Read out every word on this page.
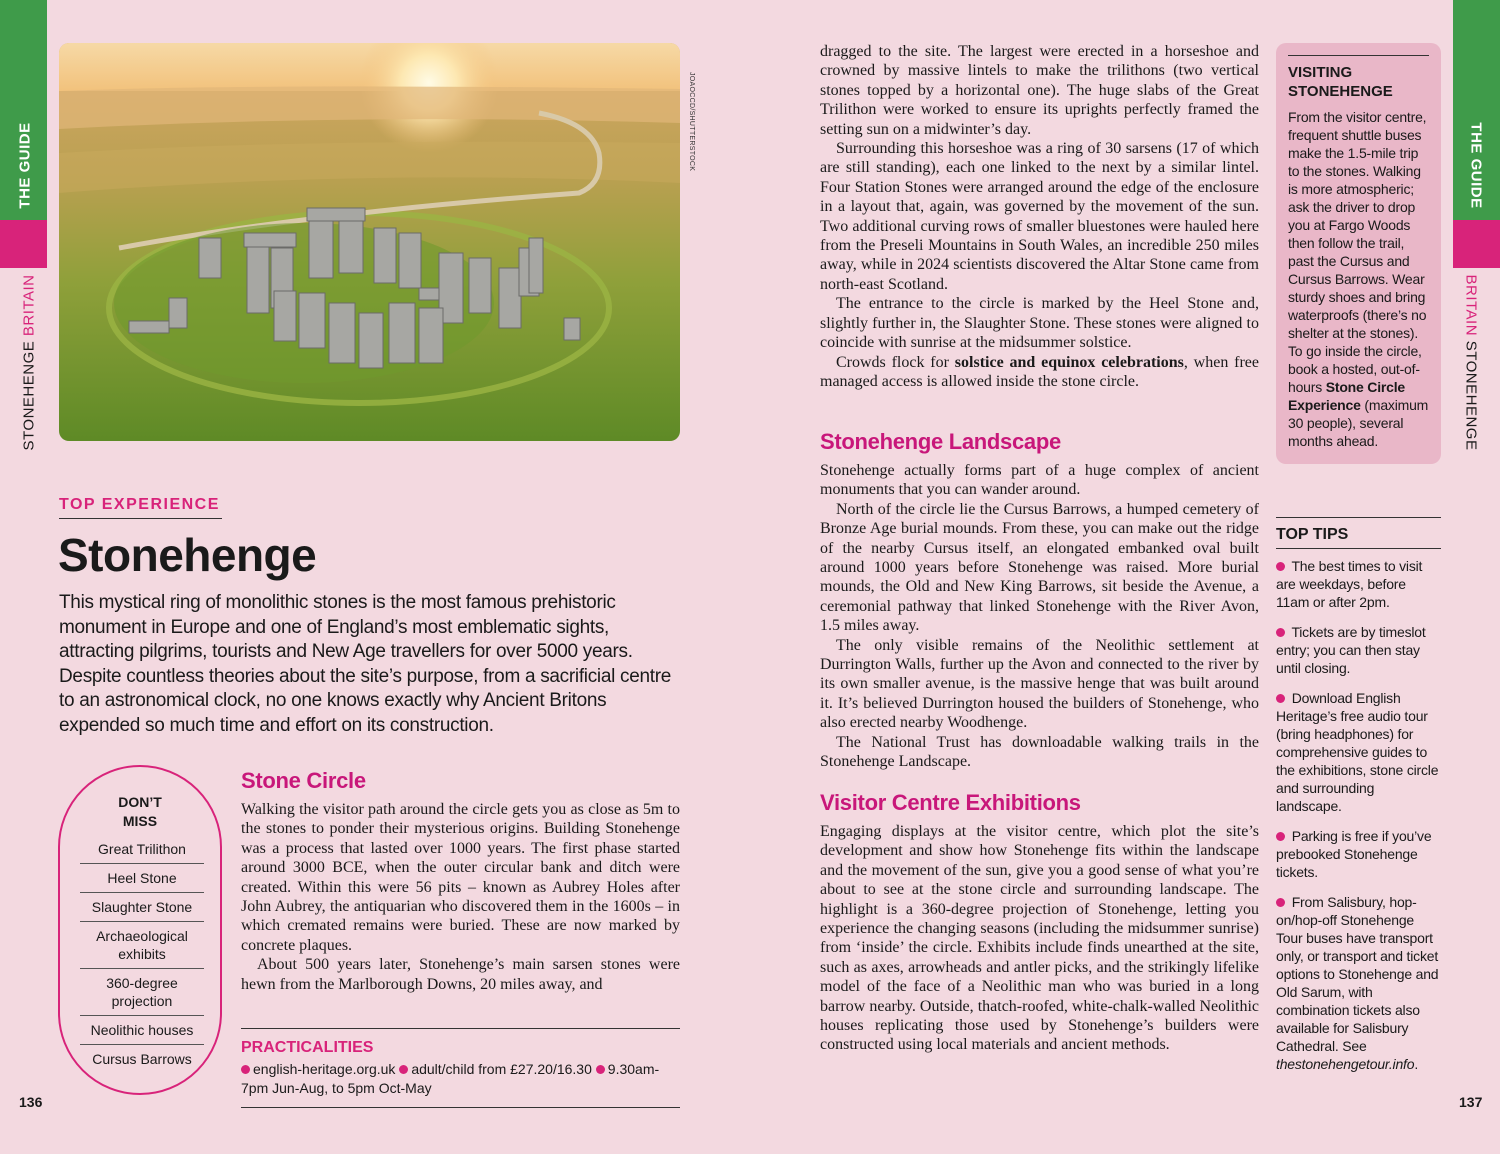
THE GUIDE
STONEHENGE BRITAIN
THE GUIDE
BRITAIN STONEHENGE
136	137
JOAOCCD/SHUTTERSTOCK
TOP EXPERIENCE
Stonehenge
This mystical ring of monolithic stones is the most famous prehistoric monument in Europe and one of England’s most emblematic sights, attracting pilgrims, tourists and New Age travellers for over 5000 years. Despite countless theories about the site’s purpose, from a sacrificial centre to an astronomical clock, no one knows exactly why Ancient Britons expended so much time and effort on its construction.
DON’T MISS
Great Trilithon
Heel Stone
Slaughter Stone
Archaeological exhibits
360-degree projection
Neolithic houses
Cursus Barrows
Stone Circle

Walking the visitor path around the circle gets you as close as 5m to the stones to ponder their mysterious origins. Building Stonehenge was a process that lasted over 1000 years. The first phase started around 3000 BCE, when the outer circular bank and ditch were created. Within this were 56 pits – known as Aubrey Holes after John Aubrey, the antiquarian who discovered them in the 1600s – in which cremated remains were buried. These are now marked by concrete plaques.

About 500 years later, Stonehenge’s main sarsen stones were hewn from the Marlborough Downs, 20 miles away, and

PRACTICALITIES
english-heritage.org.uk adult/child from £27.20/16.30 9.30am-7pm Jun-Aug, to 5pm Oct-May

dragged to the site. The largest were erected in a horseshoe and crowned by massive lintels to make the trilithons (two vertical stones topped by a horizontal one). The huge slabs of the Great Trilithon were worked to ensure its uprights perfectly framed the setting sun on a midwinter’s day.

Surrounding this horseshoe was a ring of 30 sarsens (17 of which are still standing), each one linked to the next by a similar lintel. Four Station Stones were arranged around the edge of the enclosure in a layout that, again, was governed by the movement of the sun. Two additional curving rows of smaller bluestones were hauled here from the Preseli Mountains in South Wales, an incredible 250 miles away, while in 2024 scientists discovered the Altar Stone came from north-east Scotland.

The entrance to the circle is marked by the Heel Stone and, slightly further in, the Slaughter Stone. These stones were aligned to coincide with sunrise at the midsummer solstice.

Crowds flock for solstice and equinox celebrations, when free managed access is allowed inside the stone circle.

Stonehenge Landscape

Stonehenge actually forms part of a huge complex of ancient monuments that you can wander around.

North of the circle lie the Cursus Barrows, a humped cemetery of Bronze Age burial mounds. From these, you can make out the ridge of the nearby Cursus itself, an elongated embanked oval built around 1000 years before Stonehenge was raised. More burial mounds, the Old and New King Barrows, sit beside the Avenue, a ceremonial pathway that linked Stonehenge with the River Avon, 1.5 miles away.

The only visible remains of the Neolithic settlement at Durrington Walls, further up the Avon and connected to the river by its own smaller avenue, is the massive henge that was built around it. It’s believed Durrington housed the builders of Stonehenge, who also erected nearby Woodhenge.

The National Trust has downloadable walking trails in the Stonehenge Landscape.

Visitor Centre Exhibitions

Engaging displays at the visitor centre, which plot the site’s development and show how Stonehenge fits within the landscape and the movement of the sun, give you a good sense of what you’re about to see at the stone circle and surrounding landscape. The highlight is a 360-degree projection of Stonehenge, letting you experience the changing seasons (including the midsummer sunrise) from ‘inside’ the circle. Exhibits include finds unearthed at the site, such as axes, arrowheads and antler picks, and the strikingly lifelike model of the face of a Neolithic man who was buried in a long barrow nearby. Outside, thatch-roofed, white-chalk-walled Neolithic houses replicating those used by Stonehenge’s builders were constructed using local materials and ancient methods.

VISITING STONEHENGE
From the visitor centre, frequent shuttle buses make the 1.5-mile trip to the stones. Walking is more atmospheric; ask the driver to drop you at Fargo Woods then follow the trail, past the Cursus and Cursus Barrows. Wear sturdy shoes and bring waterproofs (there’s no shelter at the stones). To go inside the circle, book a hosted, out-of-hours Stone Circle Experience (maximum 30 people), several months ahead.
TOP TIPS
The best times to visit are weekdays, before 11am or after 2pm.
Tickets are by timeslot entry; you can then stay until closing.
Download English Heritage’s free audio tour (bring headphones) for comprehensive guides to the exhibitions, stone circle and surrounding landscape.
Parking is free if you’ve prebooked Stonehenge tickets.
From Salisbury, hop-on/hop-off Stonehenge Tour buses have transport only, or transport and ticket options to Stonehenge and Old Sarum, with combination tickets also available for Salisbury Cathedral. See thestonehengetour.info.
